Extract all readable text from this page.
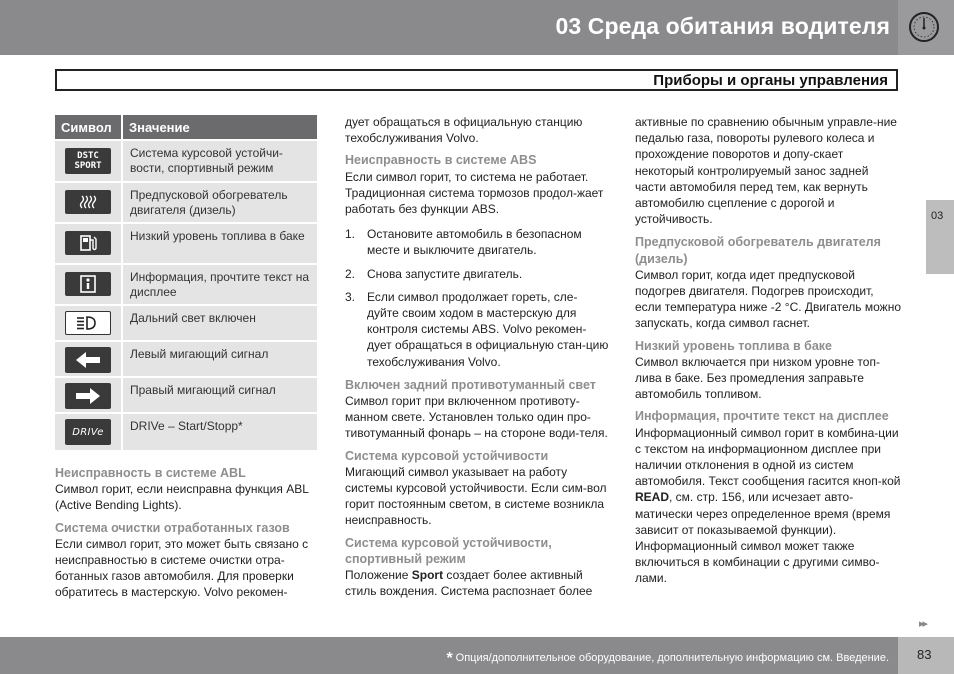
03 Среда обитания водителя
Приборы и органы управления
03
Символ	Значение

DSTC
SPORT	Система курсовой устойчи-вости, спортивный режим

	Предпусковой обогреватель двигателя (дизель)

	Низкий уровень топлива в баке

	Информация, прочтите текст на дисплее

	Дальний свет включен

	Левый мигающий сигнал

	Правый мигающий сигнал

DRIVe	DRIVe – Start/Stopp*

Неисправность в системе ABL

Символ горит, если неисправна функция ABL (Active Bending Lights).

Система очистки отработанных газов

Если символ горит, это может быть связано с неисправностью в системе очистки отра-ботанных газов автомобиля. Для проверки обратитесь в мастерскую. Volvo рекомен-

дует обращаться в официальную станцию техобслуживания Volvo.

Неисправность в системе ABS

Если символ горит, то система не работает. Традиционная система тормозов продол-жает работать без функции ABS.

1. Остановите автомобиль в безопасном месте и выключите двигатель.
2. Снова запустите двигатель.
3. Если символ продолжает гореть, сле-дуйте своим ходом в мастерскую для контроля системы ABS. Volvo рекомен-дует обращаться в официальную стан-цию техобслуживания Volvo.

Включен задний противотуманный свет

Символ горит при включенном противоту-манном свете. Установлен только один про-тивотуманный фонарь – на стороне води-теля.

Система курсовой устойчивости

Мигающий символ указывает на работу системы курсовой устойчивости. Если сим-вол горит постоянным светом, в системе возникла неисправность.

Система курсовой устойчивости, спортивный режим

Положение Sport создает более активный стиль вождения. Система распознает более

активные по сравнению обычным управле-ние педалью газа, повороты рулевого колеса и прохождение поворотов и допу-скает некоторый контролируемый занос задней части автомобиля перед тем, как вернуть автомобилю сцепление с дорогой и устойчивость.

Предпусковой обогреватель двигателя (дизель)

Символ горит, когда идет предпусковой подогрев двигателя. Подогрев происходит, если температура ниже -2 °C. Двигатель можно запускать, когда символ гаснет.

Низкий уровень топлива в баке

Символ включается при низком уровне топ-лива в баке. Без промедления заправьте автомобиль топливом.

Информация, прочтите текст на дисплее

Информационный символ горит в комбина-ции с текстом на информационном дисплее при наличии отклонения в одной из систем автомобиля. Текст сообщения гасится кноп-кой READ, см. стр. 156, или исчезает авто-матически через определенное время (время зависит от показываемой функции). Информационный символ может также включиться в комбинации с другими симво-лами.

▸▸
* Опция/дополнительное оборудование, дополнительную информацию см. Введение. 83
